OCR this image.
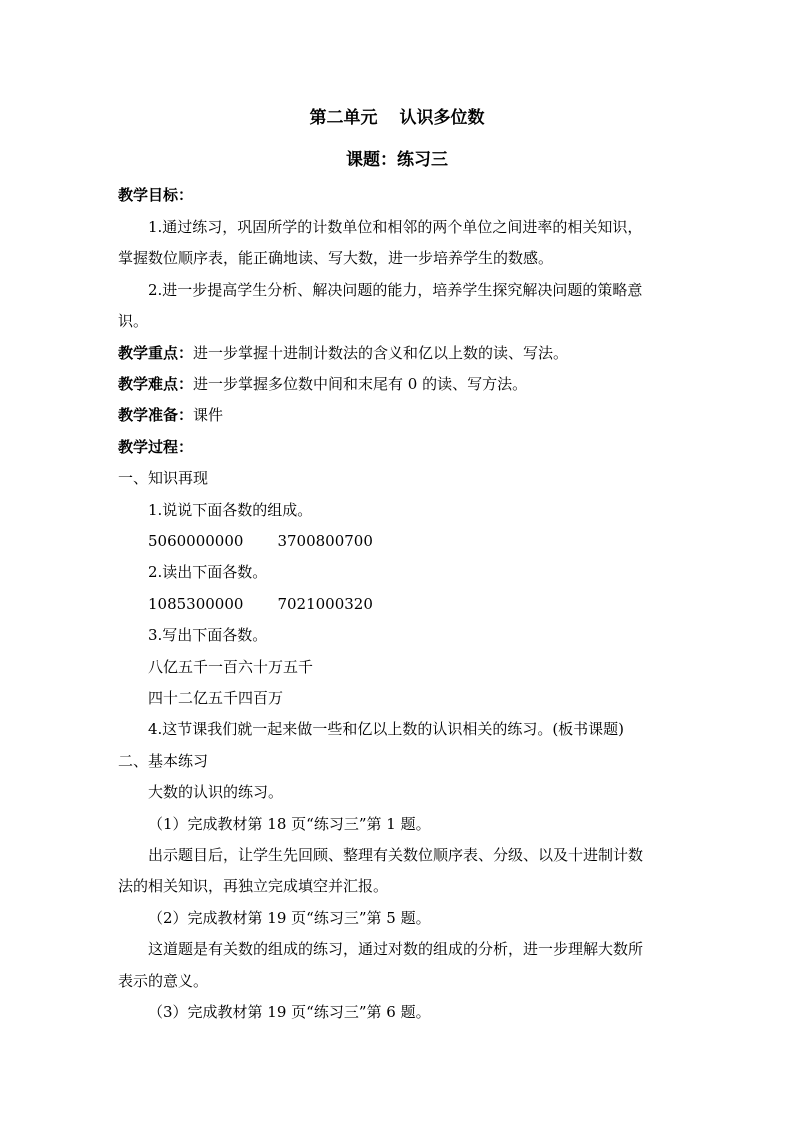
第二单元 认识多位数
课题：练习三
教学目标：
1.通过练习，巩固所学的计数单位和相邻的两个单位之间进率的相关知识，
掌握数位顺序表，能正确地读、写大数，进一步培养学生的数感。
2.进一步提高学生分析、解决问题的能力，培养学生探究解决问题的策略意
识。
教学重点：进一步掌握十进制计数法的含义和亿以上数的读、写法。
教学难点：进一步掌握多位数中间和末尾有 0 的读、写方法。
教学准备：课件
教学过程：
一、知识再现
1.说说下面各数的组成。
5060000000 3700800700
2.读出下面各数。
1085300000 7021000320
3.写出下面各数。
八亿五千一百六十万五千
四十二亿五千四百万
4.这节课我们就一起来做一些和亿以上数的认识相关的练习。(板书课题)
二、基本练习
大数的认识的练习。
（1）完成教材第 18 页“练习三”第 1 题。
出示题目后，让学生先回顾、整理有关数位顺序表、分级、以及十进制计数
法的相关知识，再独立完成填空并汇报。
（2）完成教材第 19 页“练习三”第 5 题。
这道题是有关数的组成的练习，通过对数的组成的分析，进一步理解大数所
表示的意义。
（3）完成教材第 19 页“练习三”第 6 题。
